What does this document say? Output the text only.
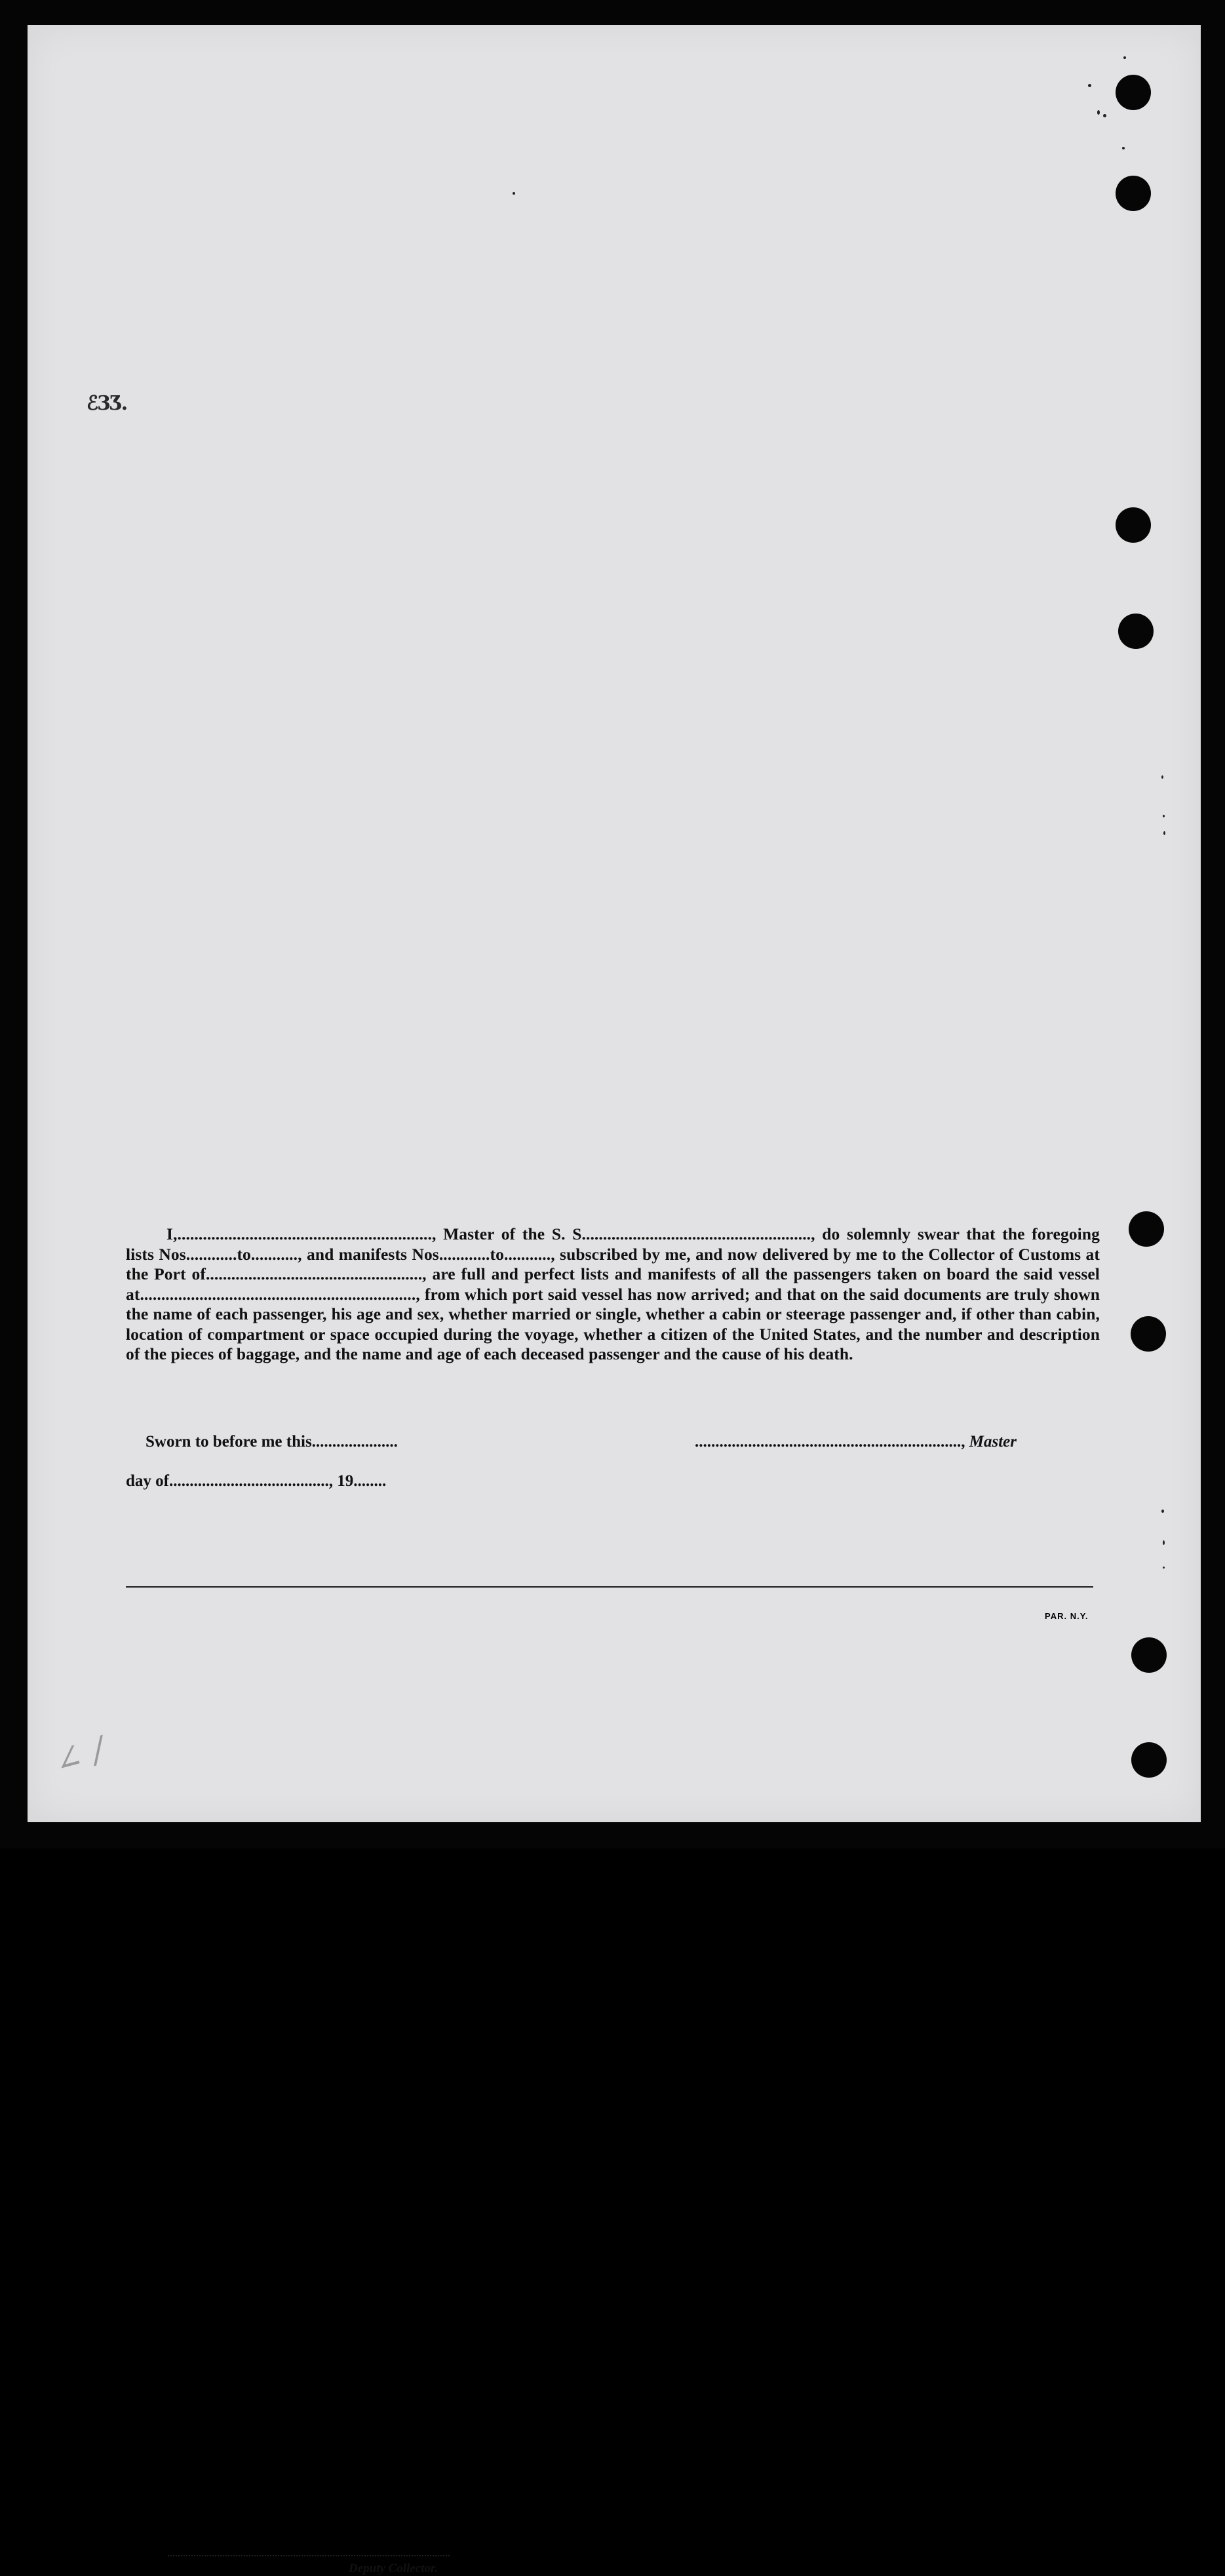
ℰ3Ʒ.

I,............................................................, Master of the S. S......................................................, do solemnly swear that the foregoing lists Nos............to..........., and manifests Nos............to..........., subscribed by me, and now delivered by me to the Collector of Customs at the Port of..................................................., are full and perfect lists and manifests of all the passengers taken on board the said vessel at................................................................., from which port said vessel has now arrived; and that on the said documents are truly shown the name of each passenger, his age and sex, whether married or single, whether a cabin or steerage passenger and, if other than cabin, location of compartment or space occupied during the voyage, whether a citizen of the United States, and the number and description of the pieces of baggage, and the name and age of each deceased passenger and the cause of his death.

Sworn to before me this.....................	................................................................., Master
day of......................................., 19........
Deputy Collector.
PAR. N.Y.
∠ /
